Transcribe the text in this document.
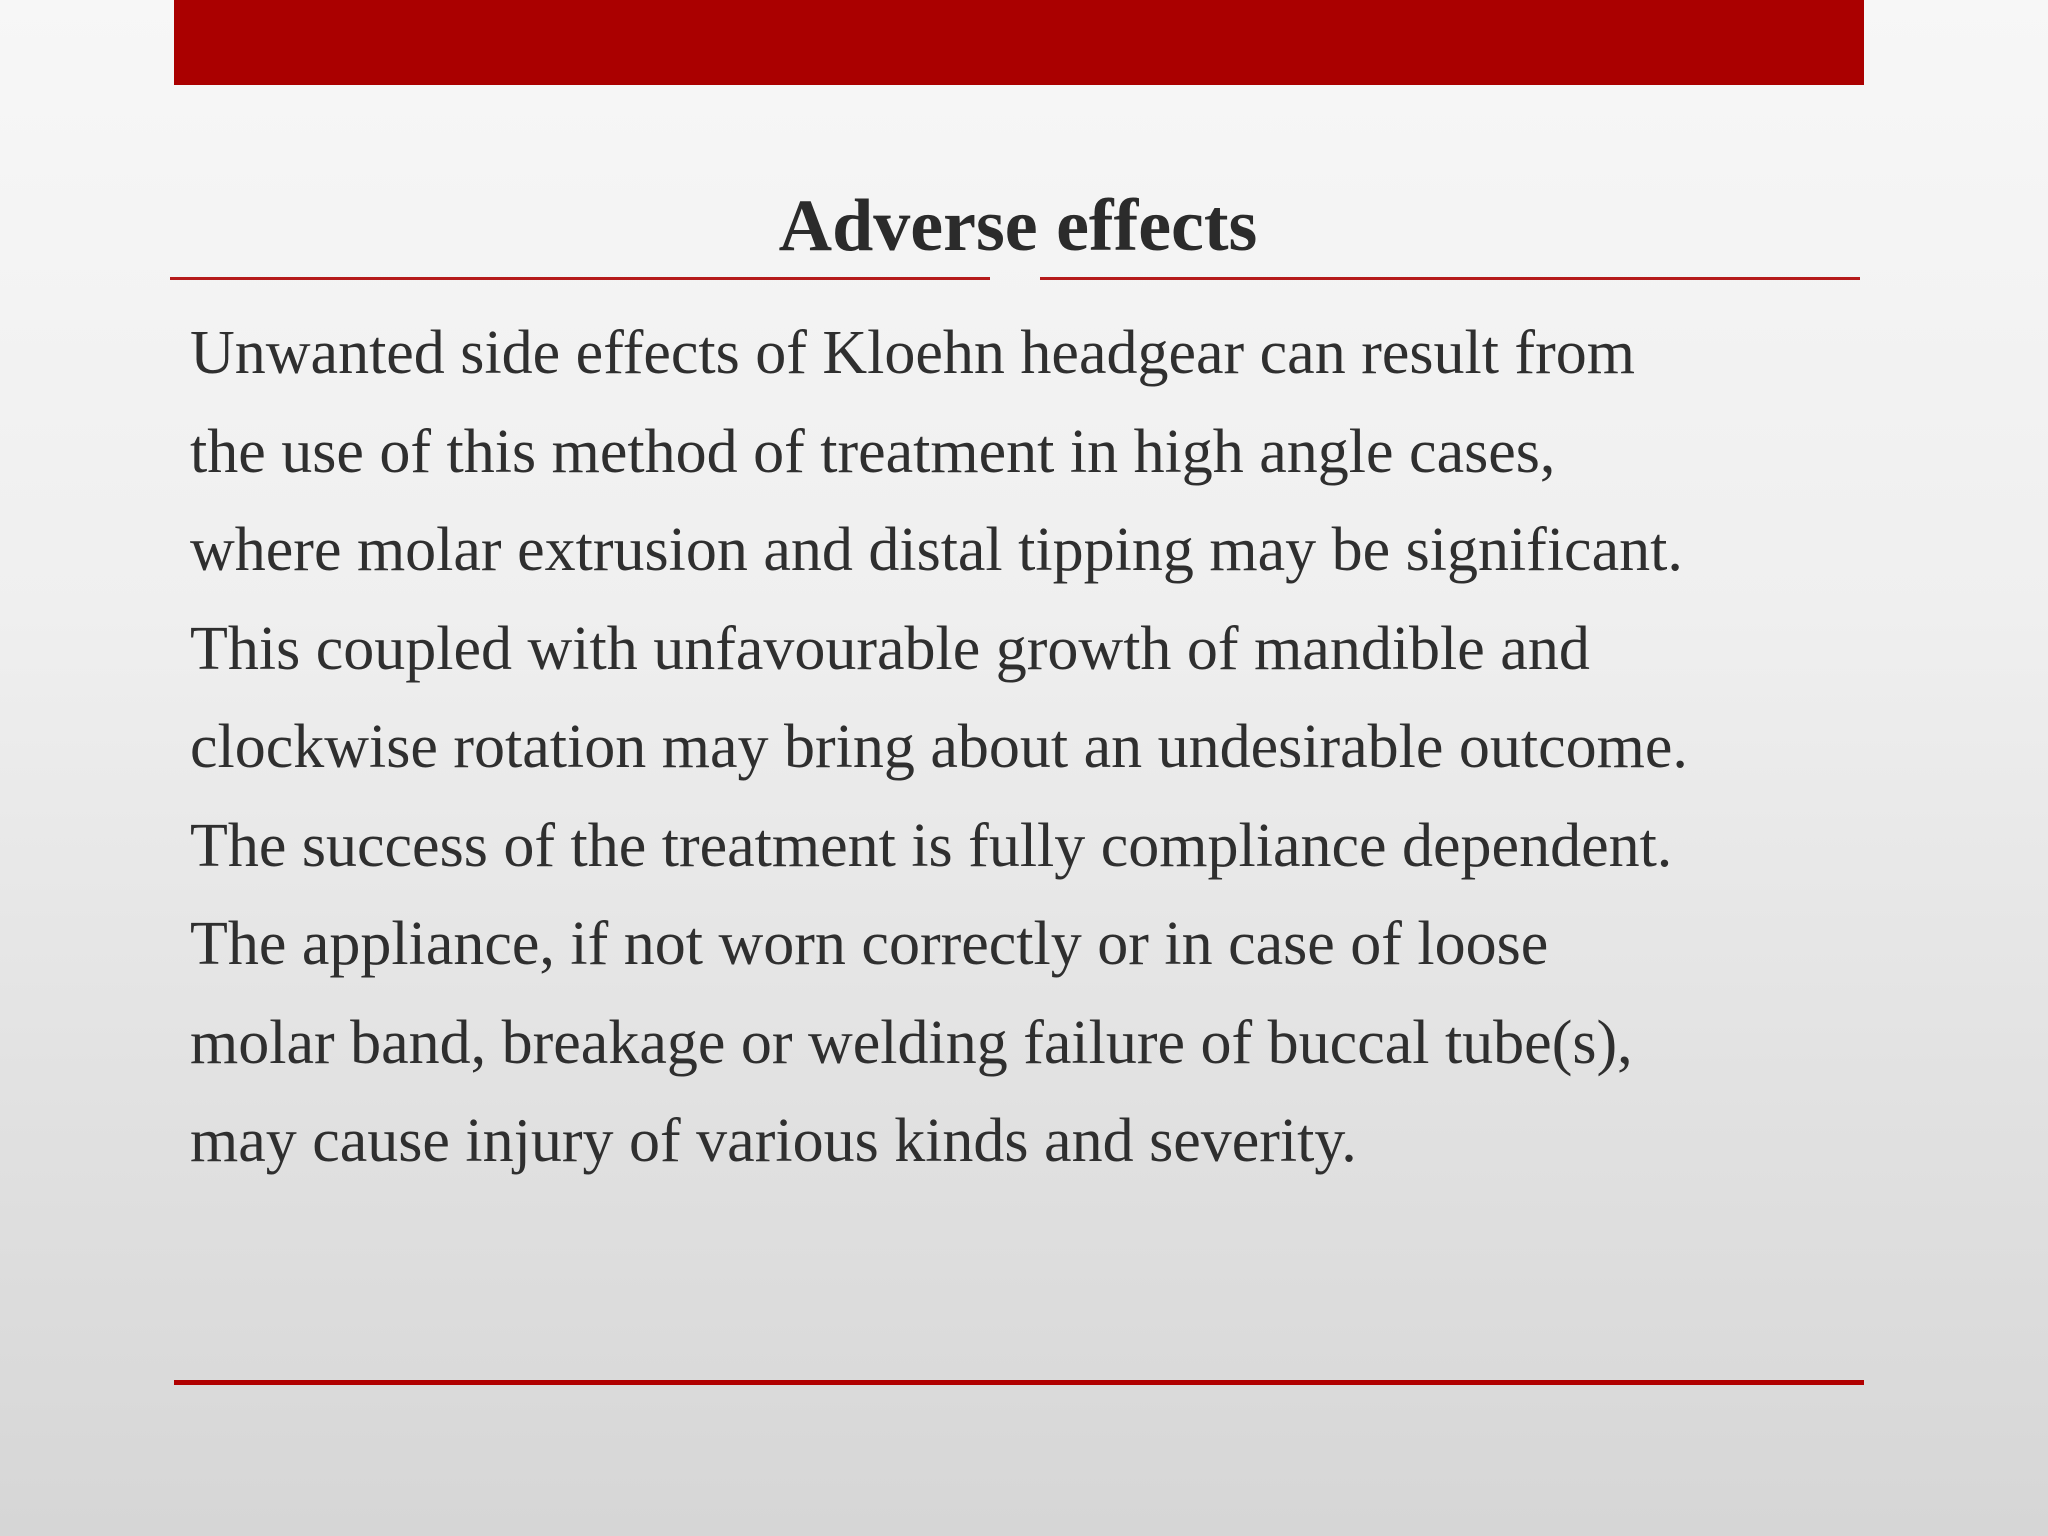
Adverse effects

Unwanted side effects of Kloehn headgear can result from
the use of this method of treatment in high angle cases,
where molar extrusion and distal tipping may be significant.
This coupled with unfavourable growth of mandible and
clockwise rotation may bring about an undesirable outcome.
The success of the treatment is fully compliance dependent.
The appliance, if not worn correctly or in case of loose
molar band, breakage or welding failure of buccal tube(s),
may cause injury of various kinds and severity.
